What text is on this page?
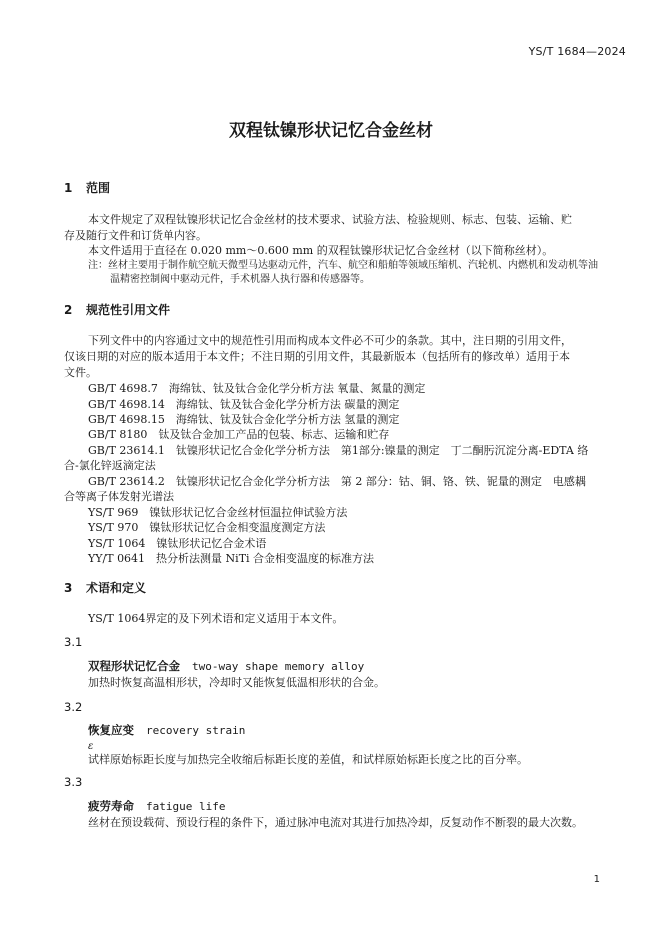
YS/T 1684—2024
双程钛镍形状记忆合金丝材
1 范围
本文件规定了双程钛镍形状记忆合金丝材的技术要求、试验方法、检验规则、标志、包装、运输、贮
存及随行文件和订货单内容。
本文件适用于直径在 0.020 mm～0.600 mm 的双程钛镍形状记忆合金丝材（以下简称丝材）。
注：丝材主要用于制作航空航天微型马达驱动元件，汽车、航空和船舶等领域压缩机、汽轮机、内燃机和发动机等油
温精密控制阀中驱动元件，手术机器人执行器和传感器等。
2 规范性引用文件
下列文件中的内容通过文中的规范性引用而构成本文件必不可少的条款。其中，注日期的引用文件，
仅该日期的对应的版本适用于本文件；不注日期的引用文件，其最新版本（包括所有的修改单）适用于本
文件。
GB/T 4698.7　海绵钛、钛及钛合金化学分析方法 氧量、氮量的测定
GB/T 4698.14　海绵钛、钛及钛合金化学分析方法 碳量的测定
GB/T 4698.15　海绵钛、钛及钛合金化学分析方法 氢量的测定
GB/T 8180　钛及钛合金加工产品的包装、标志、运输和贮存
GB/T 23614.1　钛镍形状记忆合金化学分析方法　第1部分:镍量的测定　丁二酮肟沉淀分离-EDTA 络
合-氯化锌返滴定法
GB/T 23614.2　钛镍形状记忆合金化学分析方法　第 2 部分：钴、铜、铬、铁、铌量的测定　电感耦
合等离子体发射光谱法
YS/T 969　镍钛形状记忆合金丝材恒温拉伸试验方法
YS/T 970　镍钛形状记忆合金相变温度测定方法
YS/T 1064　镍钛形状记忆合金术语
YY/T 0641　热分析法测量 NiTi 合金相变温度的标准方法
3 术语和定义
YS/T 1064界定的及下列术语和定义适用于本文件。
3.1
双程形状记忆合金 two-way shape memory alloy
加热时恢复高温相形状，冷却时又能恢复低温相形状的合金。
3.2
恢复应变 recovery strain
ε
试样原始标距长度与加热完全收缩后标距长度的差值，和试样原始标距长度之比的百分率。
3.3
疲劳寿命 fatigue life
丝材在预设载荷、预设行程的条件下，通过脉冲电流对其进行加热冷却，反复动作不断裂的最大次数。
1
